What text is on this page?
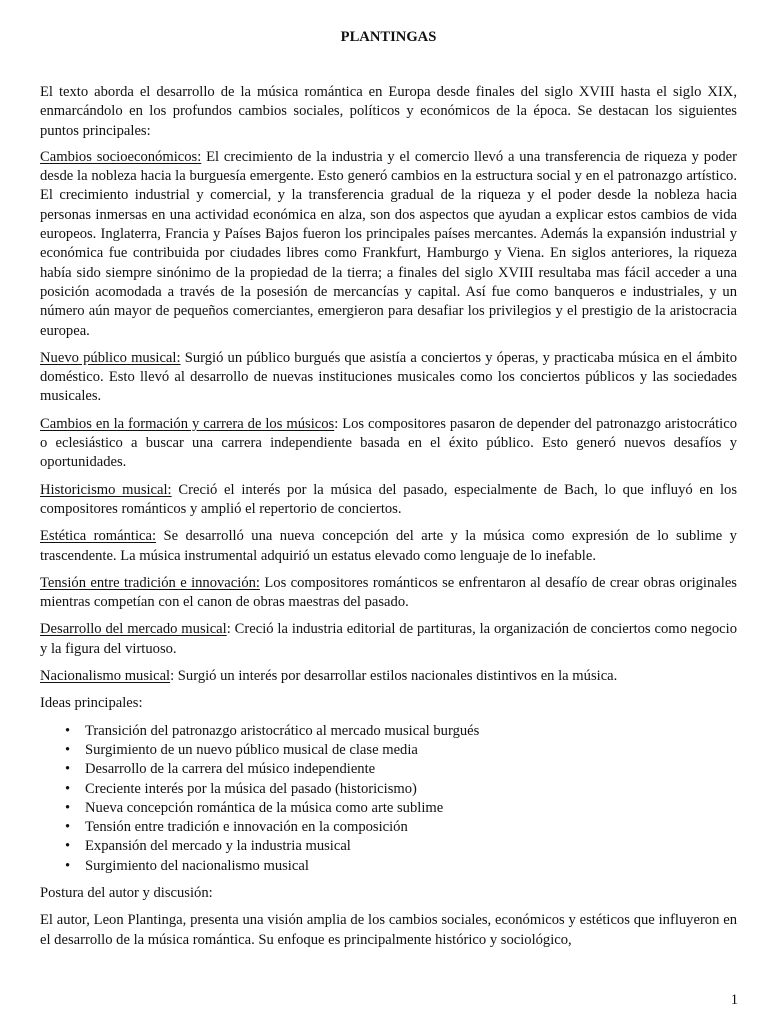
PLANTINGAS

El texto aborda el desarrollo de la música romántica en Europa desde finales del siglo XVIII hasta el siglo XIX, enmarcándolo en los profundos cambios sociales, políticos y económicos de la época. Se destacan los siguientes puntos principales:

Cambios socioeconómicos: El crecimiento de la industria y el comercio llevó a una transferencia de riqueza y poder desde la nobleza hacia la burguesía emergente. Esto generó cambios en la estructura social y en el patronazgo artístico. El crecimiento industrial y comercial, y la transferencia gradual de la riqueza y el poder desde la nobleza hacia personas inmersas en una actividad económica en alza, son dos aspectos que ayudan a explicar estos cambios de vida europeos. Inglaterra, Francia y Países Bajos fueron los principales países mercantes. Además la expansión industrial y económica fue contribuida por ciudades libres como Frankfurt, Hamburgo y Viena. En siglos anteriores, la riqueza había sido siempre sinónimo de la propiedad de la tierra; a finales del siglo XVIII resultaba mas fácil acceder a una posición acomodada a través de la posesión de mercancías y capital. Así fue como banqueros e industriales, y un número aún mayor de pequeños comerciantes, emergieron para desafiar los privilegios y el prestigio de la aristocracia europea.

Nuevo público musical: Surgió un público burgués que asistía a conciertos y óperas, y practicaba música en el ámbito doméstico. Esto llevó al desarrollo de nuevas instituciones musicales como los conciertos públicos y las sociedades musicales.

Cambios en la formación y carrera de los músicos: Los compositores pasaron de depender del patronazgo aristocrático o eclesiástico a buscar una carrera independiente basada en el éxito público. Esto generó nuevos desafíos y oportunidades.

Historicismo musical: Creció el interés por la música del pasado, especialmente de Bach, lo que influyó en los compositores románticos y amplió el repertorio de conciertos.

Estética romántica: Se desarrolló una nueva concepción del arte y la música como expresión de lo sublime y trascendente. La música instrumental adquirió un estatus elevado como lenguaje de lo inefable.

Tensión entre tradición e innovación: Los compositores románticos se enfrentaron al desafío de crear obras originales mientras competían con el canon de obras maestras del pasado.

Desarrollo del mercado musical: Creció la industria editorial de partituras, la organización de conciertos como negocio y la figura del virtuoso.

Nacionalismo musical: Surgió un interés por desarrollar estilos nacionales distintivos en la música.

Ideas principales:

• Transición del patronazgo aristocrático al mercado musical burgués
• Surgimiento de un nuevo público musical de clase media
• Desarrollo de la carrera del músico independiente
• Creciente interés por la música del pasado (historicismo)
• Nueva concepción romántica de la música como arte sublime
• Tensión entre tradición e innovación en la composición
• Expansión del mercado y la industria musical
• Surgimiento del nacionalismo musical

Postura del autor y discusión:

El autor, Leon Plantinga, presenta una visión amplia de los cambios sociales, económicos y estéticos que influyeron en el desarrollo de la música romántica. Su enfoque es principalmente histórico y sociológico,

1
